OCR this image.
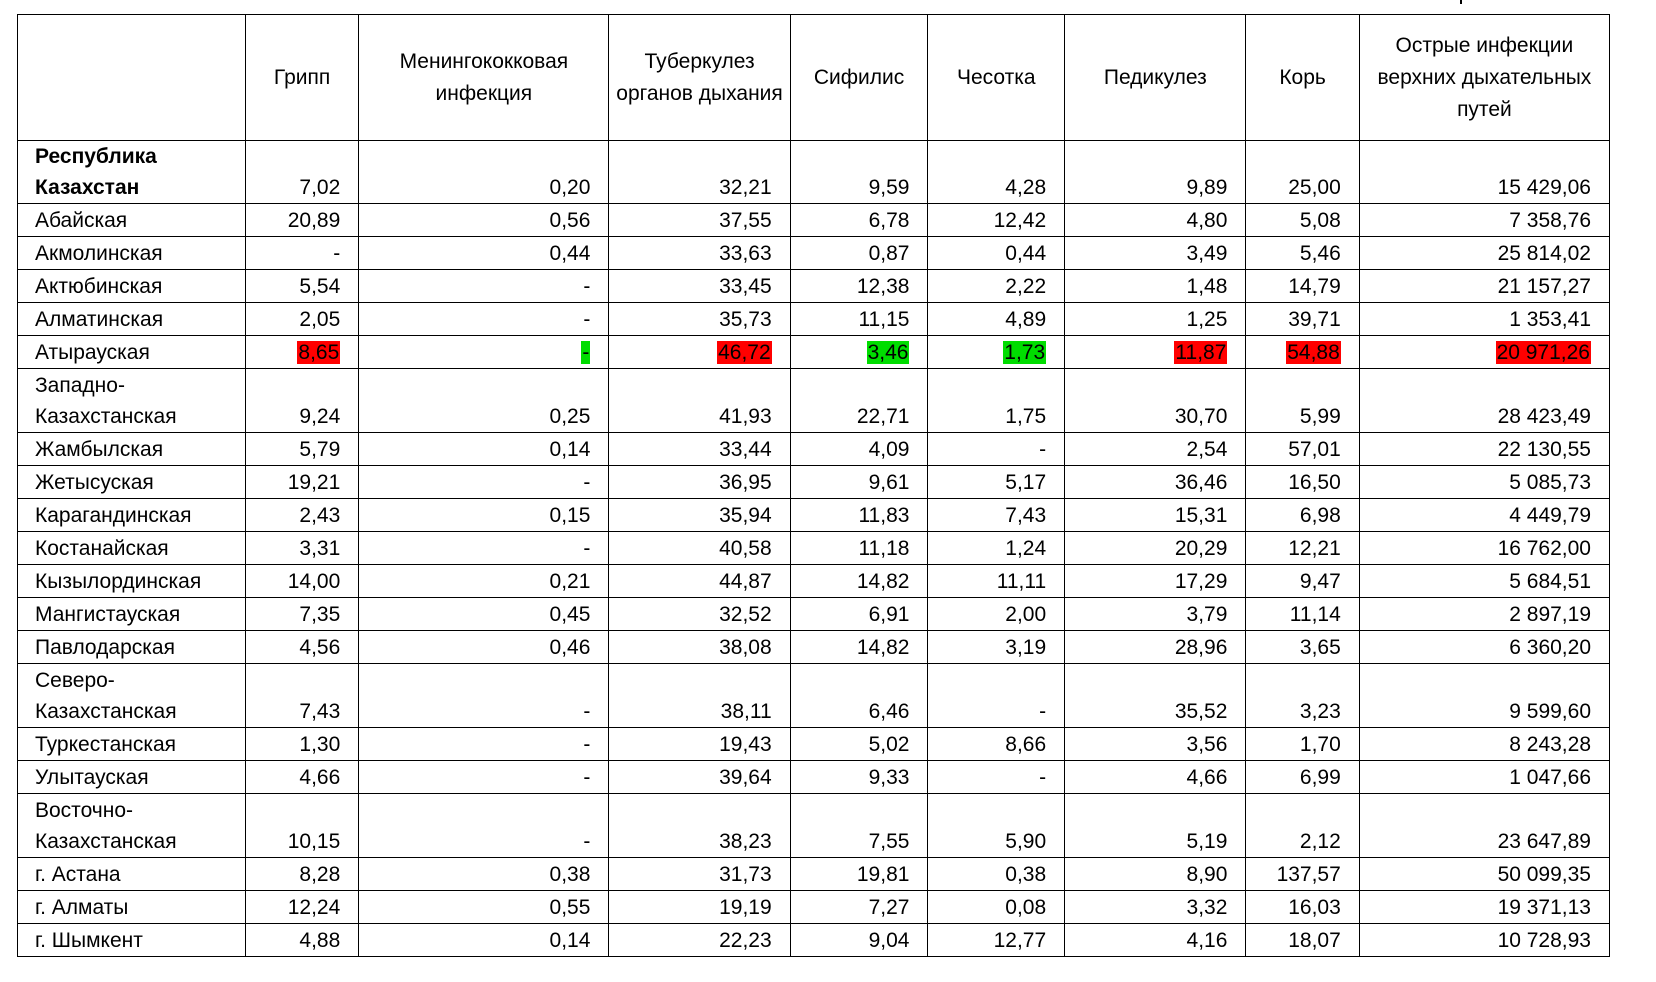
	Грипп	Менингококковая инфекция	Туберкулез органов дыхания	Сифилис	Чесотка	Педикулез	Корь	Острые инфекции верхних дыхательных путей
Республика Казахстан	7,02	0,20	32,21	9,59	4,28	9,89	25,00	15 429,06
Абайская	20,89	0,56	37,55	6,78	12,42	4,80	5,08	7 358,76
Акмолинская	-	0,44	33,63	0,87	0,44	3,49	5,46	25 814,02
Актюбинская	5,54	-	33,45	12,38	2,22	1,48	14,79	21 157,27
Алматинская	2,05	-	35,73	11,15	4,89	1,25	39,71	1 353,41
Атырауская	8,65	-	46,72	3,46	1,73	11,87	54,88	20 971,26
Западно-Казахстанская	9,24	0,25	41,93	22,71	1,75	30,70	5,99	28 423,49
Жамбылская	5,79	0,14	33,44	4,09	-	2,54	57,01	22 130,55
Жетысуская	19,21	-	36,95	9,61	5,17	36,46	16,50	5 085,73
Карагандинская	2,43	0,15	35,94	11,83	7,43	15,31	6,98	4 449,79
Костанайская	3,31	-	40,58	11,18	1,24	20,29	12,21	16 762,00
Кызылординская	14,00	0,21	44,87	14,82	11,11	17,29	9,47	5 684,51
Мангистауская	7,35	0,45	32,52	6,91	2,00	3,79	11,14	2 897,19
Павлодарская	4,56	0,46	38,08	14,82	3,19	28,96	3,65	6 360,20
Северо-Казахстанская	7,43	-	38,11	6,46	-	35,52	3,23	9 599,60
Туркестанская	1,30	-	19,43	5,02	8,66	3,56	1,70	8 243,28
Улытауская	4,66	-	39,64	9,33	-	4,66	6,99	1 047,66
Восточно-Казахстанская	10,15	-	38,23	7,55	5,90	5,19	2,12	23 647,89
г. Астана	8,28	0,38	31,73	19,81	0,38	8,90	137,57	50 099,35
г. Алматы	12,24	0,55	19,19	7,27	0,08	3,32	16,03	19 371,13
г. Шымкент	4,88	0,14	22,23	9,04	12,77	4,16	18,07	10 728,93
